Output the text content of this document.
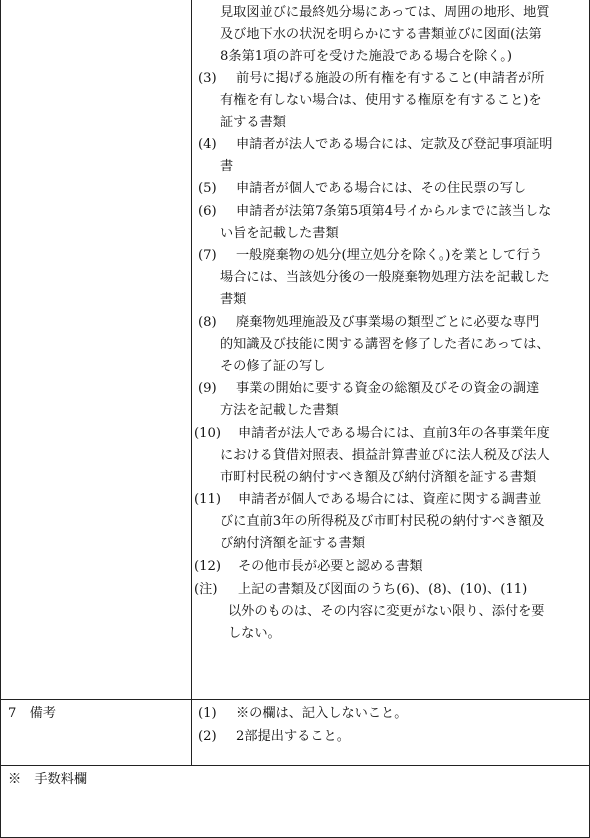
見取図並びに最終処分場にあっては、周囲の地形、地質
及び地下水の状況を明らかにする書類並びに図面(法第
8条第1項の許可を受けた施設である場合を除く。)
(3) 前号に掲げる施設の所有権を有すること(申請者が所
有権を有しない場合は、使用する権原を有すること)を
証する書類
(4) 申請者が法人である場合には、定款及び登記事項証明
書
(5) 申請者が個人である場合には、その住民票の写し
(6) 申請者が法第7条第5項第4号イからルまでに該当しな
い旨を記載した書類
(7) 一般廃棄物の処分(埋立処分を除く。)を業として行う
場合には、当該処分後の一般廃棄物処理方法を記載した
書類
(8) 廃棄物処理施設及び事業場の類型ごとに必要な専門
的知識及び技能に関する講習を修了した者にあっては、
その修了証の写し
(9) 事業の開始に要する資金の総額及びその資金の調達
方法を記載した書類
(10) 申請者が法人である場合には、直前3年の各事業年度
における貸借対照表、損益計算書並びに法人税及び法人
市町村民税の納付すべき額及び納付済額を証する書類
(11) 申請者が個人である場合には、資産に関する調書並
びに直前3年の所得税及び市町村民税の納付すべき額及
び納付済額を証する書類
(12) その他市長が必要と認める書類
(注) 上記の書類及び図面のうち(6)、(8)、(10)、(11)
以外のものは、その内容に変更がない限り、添付を要
しない。
7　備考	(1) ※の欄は、記入しないこと。
(2) 2部提出すること。
※　手数料欄
